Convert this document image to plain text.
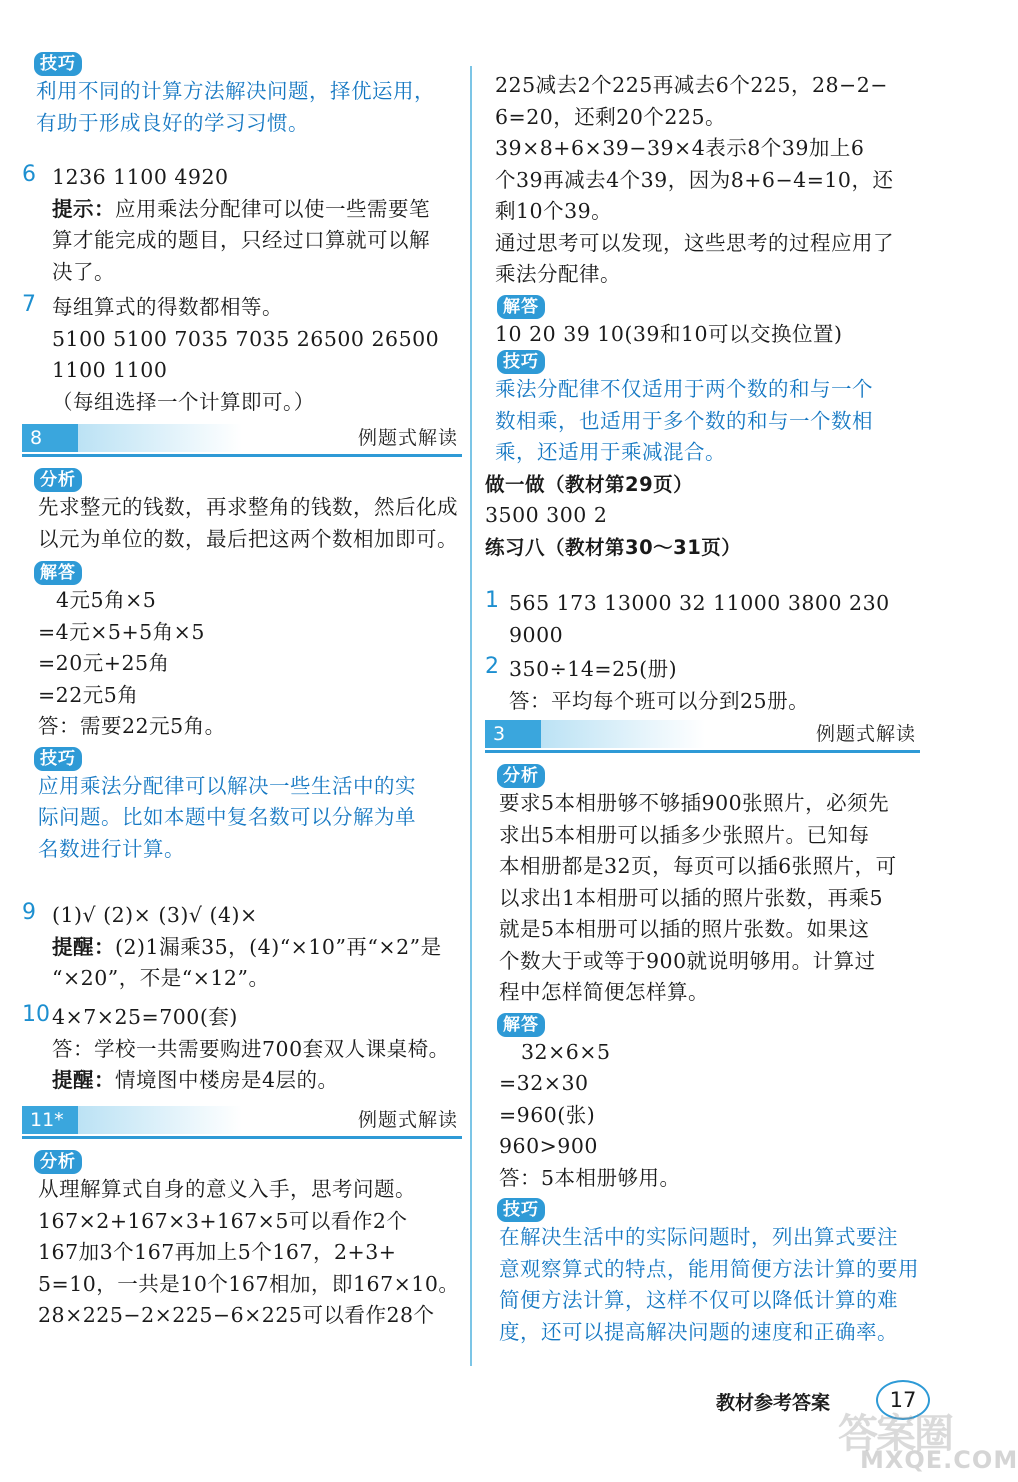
技巧

利用不同的计算方法解决问题，择优运用，

有助于形成良好的学习习惯。

6 1236 1100 4920

提示：应用乘法分配律可以使一些需要笔

算才能完成的题目，只经过口算就可以解

决了。

7 每组算式的得数都相等。

5100 5100 7035 7035 26500 26500

1100 1100

（每组选择一个计算即可。）

8	例题式解读
分析

先求整元的钱数，再求整角的钱数，然后化成

以元为单位的数，最后把这两个数相加即可。

解答

4元5角×5

=4元×5+5角×5

=20元+25角

=22元5角

答：需要22元5角。

技巧

应用乘法分配律可以解决一些生活中的实

际问题。比如本题中复名数可以分解为单

名数进行计算。

9 (1)√ (2)× (3)√ (4)×

提醒：(2)1漏乘35，(4)“×10”再“×2”是

“×20”，不是“×12”。

10 4×7×25=700(套)

答：学校一共需要购进700套双人课桌椅。

提醒：情境图中楼房是4层的。

11*	例题式解读
分析

从理解算式自身的意义入手，思考问题。

167×2+167×3+167×5可以看作2个

167加3个167再加上5个167，2+3+

5=10，一共是10个167相加，即167×10。

28×225−2×225−6×225可以看作28个

225减去2个225再减去6个225，28−2−

6=20，还剩20个225。

39×8+6×39−39×4表示8个39加上6

个39再减去4个39，因为8+6−4=10，还

剩10个39。

通过思考可以发现，这些思考的过程应用了

乘法分配律。

解答

10 20 39 10(39和10可以交换位置)

技巧

乘法分配律不仅适用于两个数的和与一个

数相乘，也适用于多个数的和与一个数相

乘，还适用于乘减混合。

做一做（教材第29页）

3500 300 2

练习八（教材第30～31页）

1 565 173 13000 32 11000 3800 230

9000

2 350÷14=25(册)

答：平均每个班可以分到25册。

3	例题式解读
分析

要求5本相册够不够插900张照片，必须先

求出5本相册可以插多少张照片。已知每

本相册都是32页，每页可以插6张照片，可

以求出1本相册可以插的照片张数，再乘5

就是5本相册可以插的照片张数。如果这

个数大于或等于900就说明够用。计算过

程中怎样简便怎样算。

解答

32×6×5

=32×30

=960(张)

960>900

答：5本相册够用。

技巧

在解决生活中的实际问题时，列出算式要注

意观察算式的特点，能用简便方法计算的要用

简便方法计算，这样不仅可以降低计算的难

度，还可以提高解决问题的速度和正确率。

教材参考答案	17
答案圈
MXQE.COM
